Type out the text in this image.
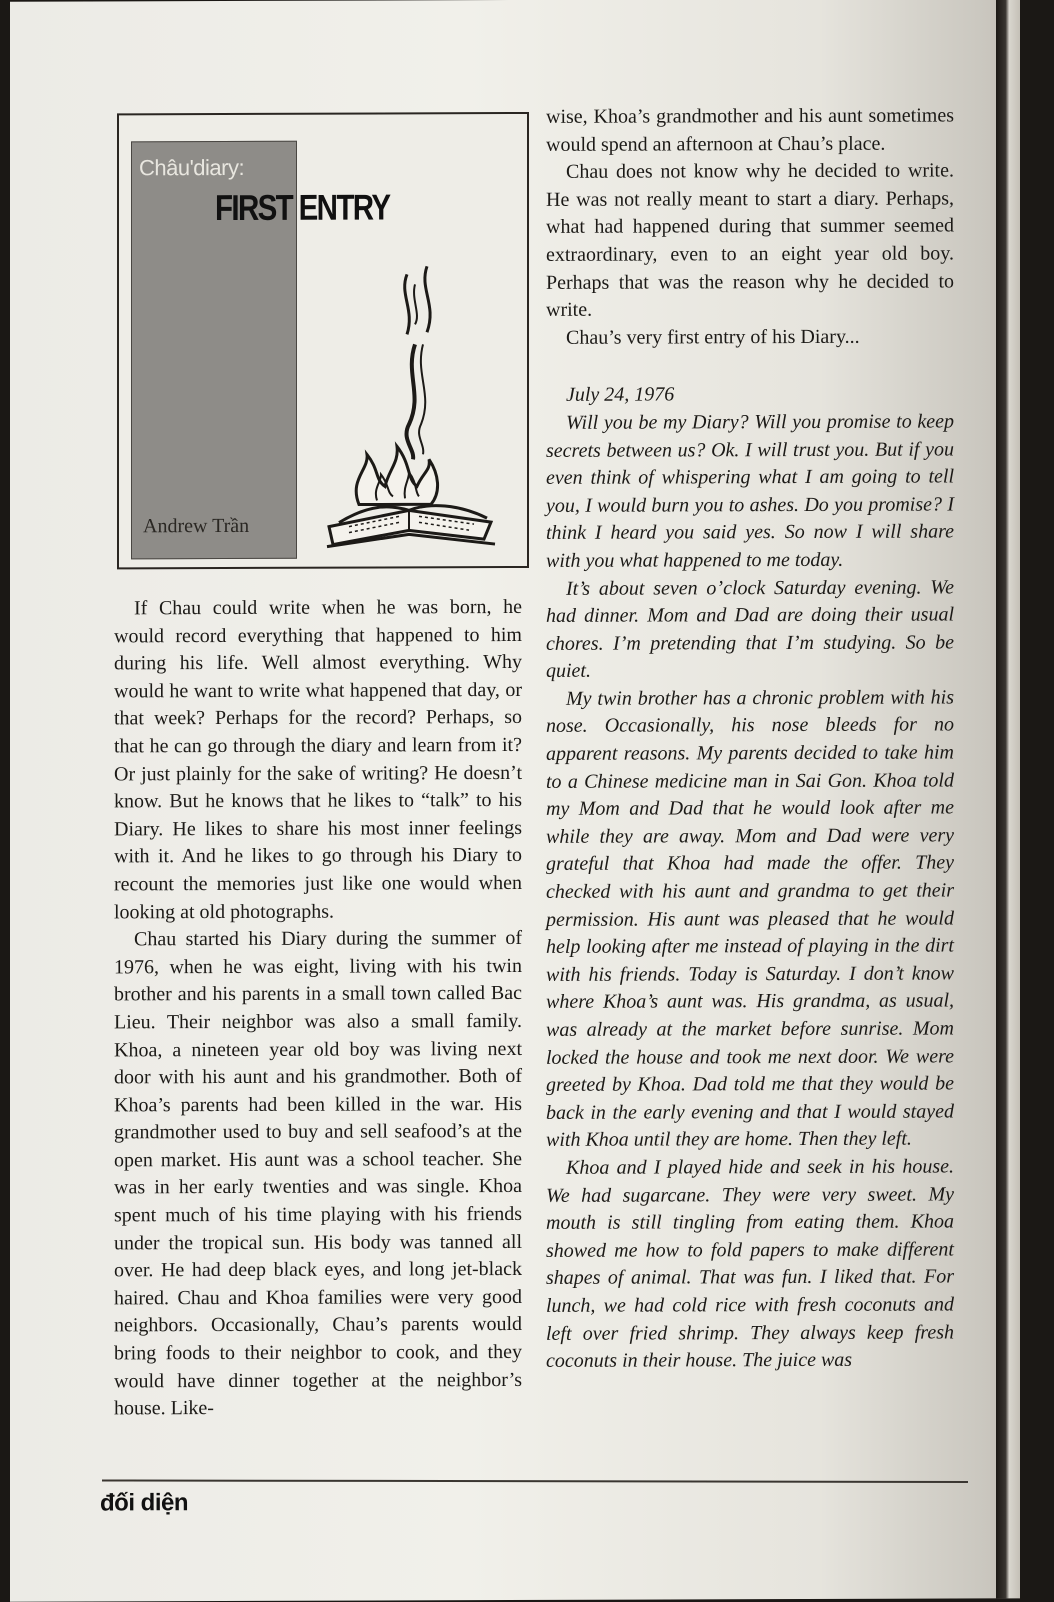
Châu'diary:
FIRST ENTRY
Andrew Trần

If Chau could write when he was born, he would record everything that happened to him during his life. Well almost everything. Why would he want to write what happened that day, or that week? Perhaps for the record? Perhaps, so that he can go through the diary and learn from it? Or just plainly for the sake of writing? He doesn’t know. But he knows that he likes to “talk” to his Diary. He likes to share his most inner feelings with it. And he likes to go through his Diary to recount the memories just like one would when looking at old photographs.

Chau started his Diary during the summer of 1976, when he was eight, living with his twin brother and his parents in a small town called Bac Lieu. Their neighbor was also a small family. Khoa, a nineteen year old boy was living next door with his aunt and his grandmother. Both of Khoa’s parents had been killed in the war. His grandmother used to buy and sell seafood’s at the open market. His aunt was a school teacher. She was in her early twenties and was single. Khoa spent much of his time playing with his friends under the tropical sun. His body was tanned all over. He had deep black eyes, and long jet-black haired. Chau and Khoa families were very good neighbors. Occasionally, Chau’s parents would bring foods to their neighbor to cook, and they would have dinner together at the neighbor’s house. Like-

wise, Khoa’s grandmother and his aunt sometimes would spend an afternoon at Chau’s place.

Chau does not know why he decided to write. He was not really meant to start a diary. Perhaps, what had happened during that summer seemed extraordinary, even to an eight year old boy. Perhaps that was the reason why he decided to write.

Chau’s very first entry of his Diary...

July 24, 1976

Will you be my Diary? Will you promise to keep secrets between us? Ok. I will trust you. But if you even think of whispering what I am going to tell you, I would burn you to ashes. Do you promise? I think I heard you said yes. So now I will share with you what happened to me today.

It’s about seven o’clock Saturday evening. We had dinner. Mom and Dad are doing their usual chores. I’m pretending that I’m studying. So be quiet.

My twin brother has a chronic problem with his nose. Occasionally, his nose bleeds for no apparent reasons. My parents decided to take him to a Chinese medicine man in Sai Gon. Khoa told my Mom and Dad that he would look after me while they are away. Mom and Dad were very grateful that Khoa had made the offer. They checked with his aunt and grandma to get their permission. His aunt was pleased that he would help looking after me instead of playing in the dirt with his friends. Today is Saturday. I don’t know where Khoa’s aunt was. His grandma, as usual, was already at the market before sunrise. Mom locked the house and took me next door. We were greeted by Khoa. Dad told me that they would be back in the early evening and that I would stayed with Khoa until they are home. Then they left.

Khoa and I played hide and seek in his house. We had sugarcane. They were very sweet. My mouth is still tingling from eating them. Khoa showed me how to fold papers to make different shapes of animal. That was fun. I liked that. For lunch, we had cold rice with fresh coconuts and left over fried shrimp. They always keep fresh coconuts in their house. The juice was

đối diện
